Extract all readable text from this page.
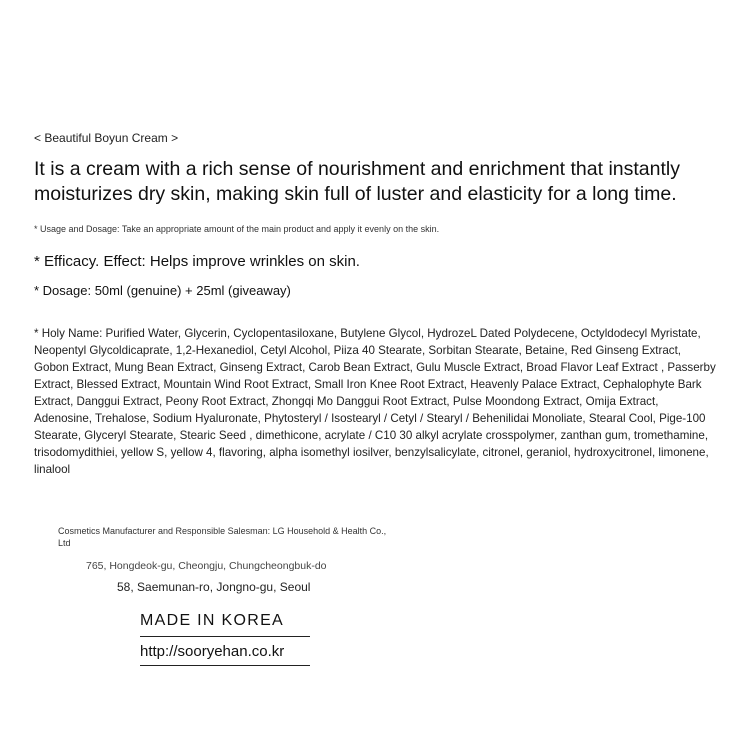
< Beautiful Boyun Cream >
It is a cream with a rich sense of nourishment and enrichment that instantly moisturizes dry skin, making skin full of luster and elasticity for a long time.
* Usage and Dosage: Take an appropriate amount of the main product and apply it evenly on the skin.
* Efficacy. Effect: Helps improve wrinkles on skin.
* Dosage: 50ml (genuine) + 25ml (giveaway)
* Holy Name: Purified Water, Glycerin, Cyclopentasiloxane, Butylene Glycol, HydrozeL Dated Polydecene, Octyldodecyl Myristate, Neopentyl Glycoldicaprate, 1,2-Hexanediol, Cetyl Alcohol, Piiza 40 Stearate, Sorbitan Stearate, Betaine, Red Ginseng Extract, Gobon Extract, Mung Bean Extract, Ginseng Extract, Carob Bean Extract, Gulu Muscle Extract, Broad Flavor Leaf Extract , Passerby Extract, Blessed Extract, Mountain Wind Root Extract, Small Iron Knee Root Extract, Heavenly Palace Extract, Cephalophyte Bark Extract, Danggui Extract, Peony Root Extract, Zhongqi Mo Danggui Root Extract, Pulse Moondong Extract, Omija Extract, Adenosine, Trehalose, Sodium Hyaluronate, Phytosteryl / Isostearyl / Cetyl / Stearyl / Behenilidai Monoliate, Stearal Cool, Pige-100 Stearate, Glyceryl Stearate, Stearic Seed , dimethicone, acrylate / C10 30 alkyl acrylate crosspolymer, zanthan gum, tromethamine, trisodomydithiei, yellow S, yellow 4, flavoring, alpha isomethyl iosilver, benzylsalicylate, citronel, geraniol, hydroxycitronel, limonene, linalool
Cosmetics Manufacturer and Responsible Salesman: LG Household & Health Co., Ltd
765, Hongdeok-gu, Cheongju, Chungcheongbuk-do
58, Saemunan-ro, Jongno-gu, Seoul
MADE IN KOREA
http://sooryehan.co.kr
